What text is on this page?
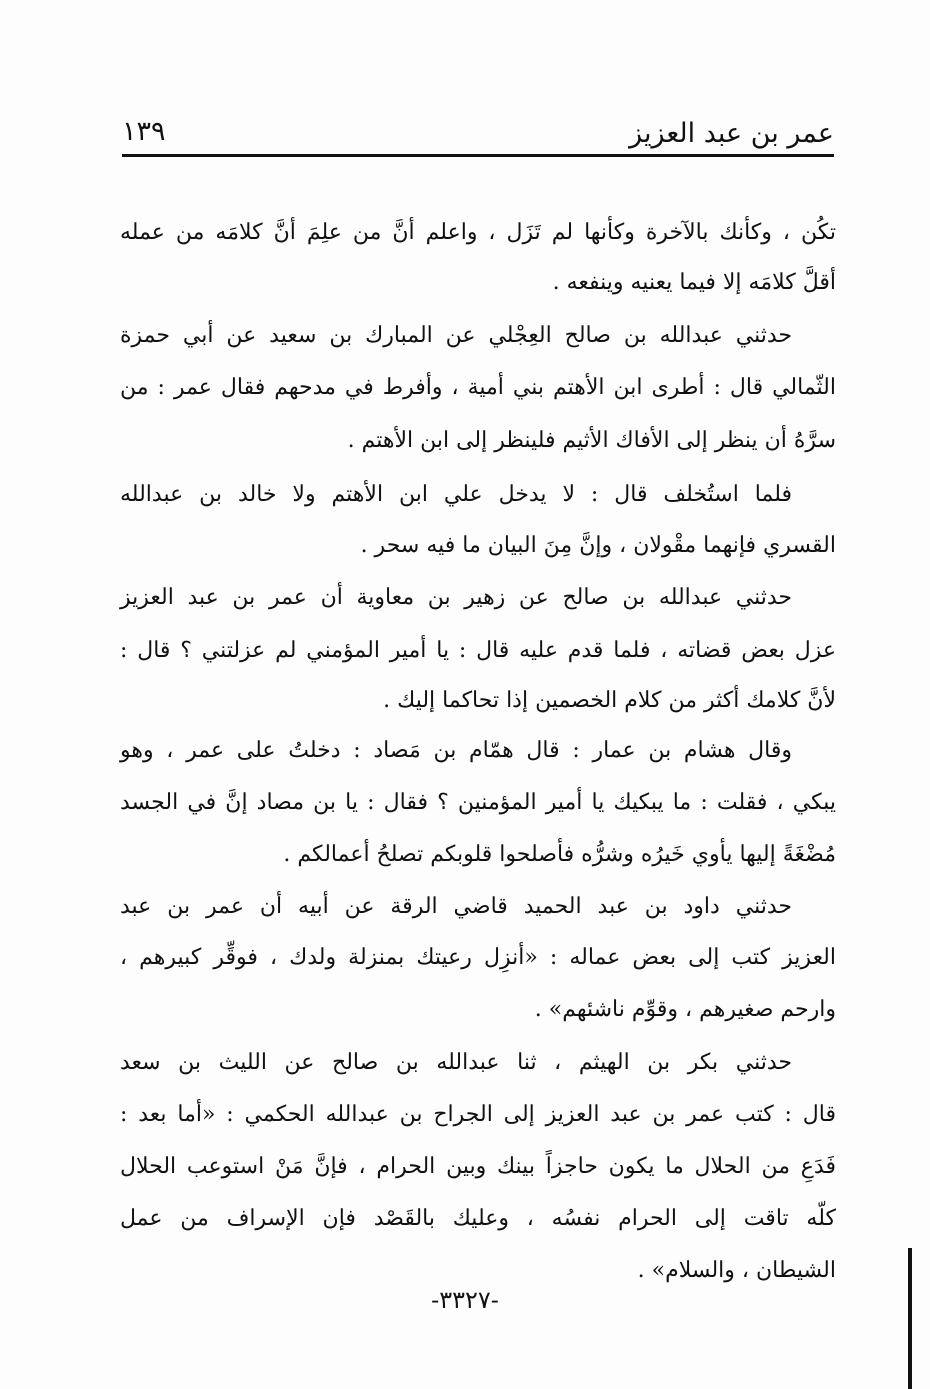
عمر بن عبد العزيز
١٣٩
تكُن ، وكأنك بالآخرة وكأنها لم تَزَل ، واعلم أنَّ من علِمَ أنَّ كلامَه من عمله
أقلَّ كلامَه إلا فيما يعنيه وينفعه .
حدثني عبدالله بن صالح العِجْلي عن المبارك بن سعيد عن أبي حمزة
الثّمالي قال : أطرى ابن الأهتم بني أمية ، وأفرط في مدحهم فقال عمر : من
سرَّهُ أن ينظر إلى الأفاك الأثيم فلينظر إلى ابن الأهتم .
فلما استُخلف قال : لا يدخل علي ابن الأهتم ولا خالد بن عبدالله
القسري فإنهما مقْولان ، وإنَّ مِنَ البيان ما فيه سحر .
حدثني عبدالله بن صالح عن زهير بن معاوية أن عمر بن عبد العزيز
عزل بعض قضاته ، فلما قدم عليه قال : يا أمير المؤمني لم عزلتني ؟ قال :
لأنَّ كلامك أكثر من كلام الخصمين إذا تحاكما إليك .
وقال هشام بن عمار : قال همّام بن مَصاد : دخلتُ على عمر ، وهو
يبكي ، فقلت : ما يبكيك يا أمير المؤمنين ؟ فقال : يا بن مصاد إنَّ في الجسد
مُضْغَةً إليها يأوي خَيرُه وشرُّه فأصلحوا قلوبكم تصلحُ أعمالكم .
حدثني داود بن عبد الحميد قاضي الرقة عن أبيه أن عمر بن عبد
العزيز كتب إلى بعض عماله : «أنزِل رعيتك بمنزلة ولدك ، فوقِّر كبيرهم ،
وارحم صغيرهم ، وقوِّم ناشئهم» .
حدثني بكر بن الهيثم ، ثنا عبدالله بن صالح عن الليث بن سعد
قال : كتب عمر بن عبد العزيز إلى الجراح بن عبدالله الحكمي : «أما بعد :
فَدَعِ من الحلال ما يكون حاجزاً بينك وبين الحرام ، فإنَّ مَنْ استوعب الحلال
كلّه تاقت إلى الحرام نفسُه ، وعليك بالقَصْد فإن الإسراف من عمل
الشيطان ، والسلام» .
-٣٣٢٧-
